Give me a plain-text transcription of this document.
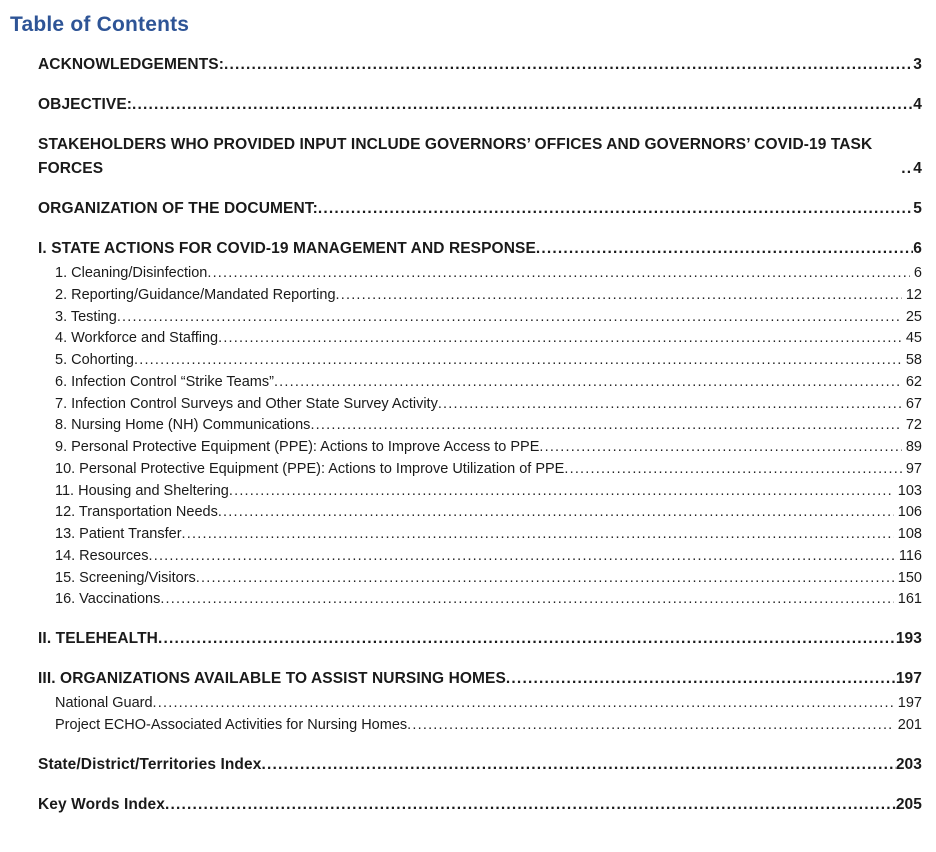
Table of Contents
ACKNOWLEDGEMENTS: .....	3
OBJECTIVE: .....	4
STAKEHOLDERS WHO PROVIDED INPUT INCLUDE GOVERNORS’ OFFICES AND GOVERNORS’ COVID-19 TASK FORCES .....	4
ORGANIZATION OF THE DOCUMENT: .....	5
I. STATE ACTIONS FOR COVID-19 MANAGEMENT AND RESPONSE .....	6
1. Cleaning/Disinfection .....	6
2. Reporting/Guidance/Mandated Reporting .....	12
3. Testing .....	25
4. Workforce and Staffing .....	45
5. Cohorting .....	58
6. Infection Control “Strike Teams” .....	62
7. Infection Control Surveys and Other State Survey Activity .....	67
8. Nursing Home (NH) Communications .....	72
9. Personal Protective Equipment (PPE): Actions to Improve Access to PPE .....	89
10. Personal Protective Equipment (PPE): Actions to Improve Utilization of PPE .....	97
11. Housing and Sheltering .....	103
12. Transportation Needs .....	106
13. Patient Transfer .....	108
14. Resources .....	116
15. Screening/Visitors .....	150
16. Vaccinations .....	161
II. TELEHEALTH .....	193
III. ORGANIZATIONS AVAILABLE TO ASSIST NURSING HOMES .....	197
National Guard .....	197
Project ECHO-Associated Activities for Nursing Homes .....	201
State/District/Territories Index .....	203
Key Words Index .....	205
